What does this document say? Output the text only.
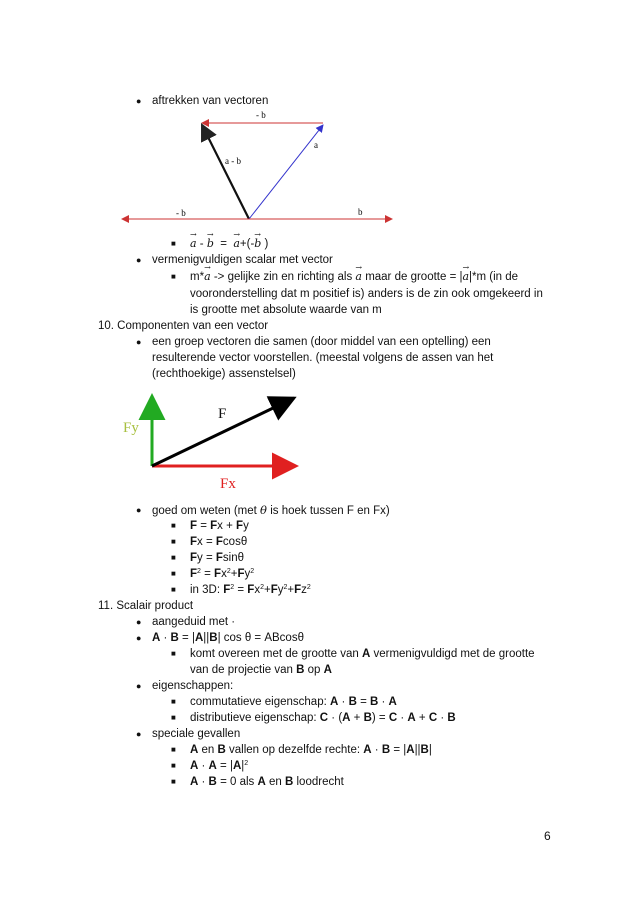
● aftrekken van vectoren
- b
a - b
a
- b	b
■ → a - → b = → a+(-→ b )
● vermenigvuldigen scalar met vector
■ m*→ a -> gelijke zin en richting als → a maar de grootte = |→ a|*m (in de
vooronderstelling dat m positief is) anders is de zin ook omgekeerd in
is grootte met absolute waarde van m
10. Componenten van een vector
● een groep vectoren die samen (door middel van een optelling) een
resulterende vector voorstellen. (meestal volgens de assen van het
(rechthoekige) assenstelsel)
F
Fy
Fx
● goed om weten (met θ is hoek tussen F en Fx)
■ F = Fx + Fy
■ Fx = Fcosθ
■ Fy = Fsinθ
■ $F^2 = Fx^2+Fy^2$
■ in 3D: $F^2 = Fx^2+Fy^2+Fz^2$
11. Scalair product
● aangeduid met ·
● A · B = |A||B| cos θ = ABcosθ
■ komt overeen met de grootte van A vermenigvuldigd met de grootte
van de projectie van B op A
● eigenschappen:
■ commutatieve eigenschap: A · B = B · A
■ distributieve eigenschap: C · (A + B) = C · A + C · B
● speciale gevallen
■ A en B vallen op dezelfde rechte: A · B = |A||B|
■ $A \cdot A = |A|^2$
■ A · B = 0 als A en B loodrecht
6
